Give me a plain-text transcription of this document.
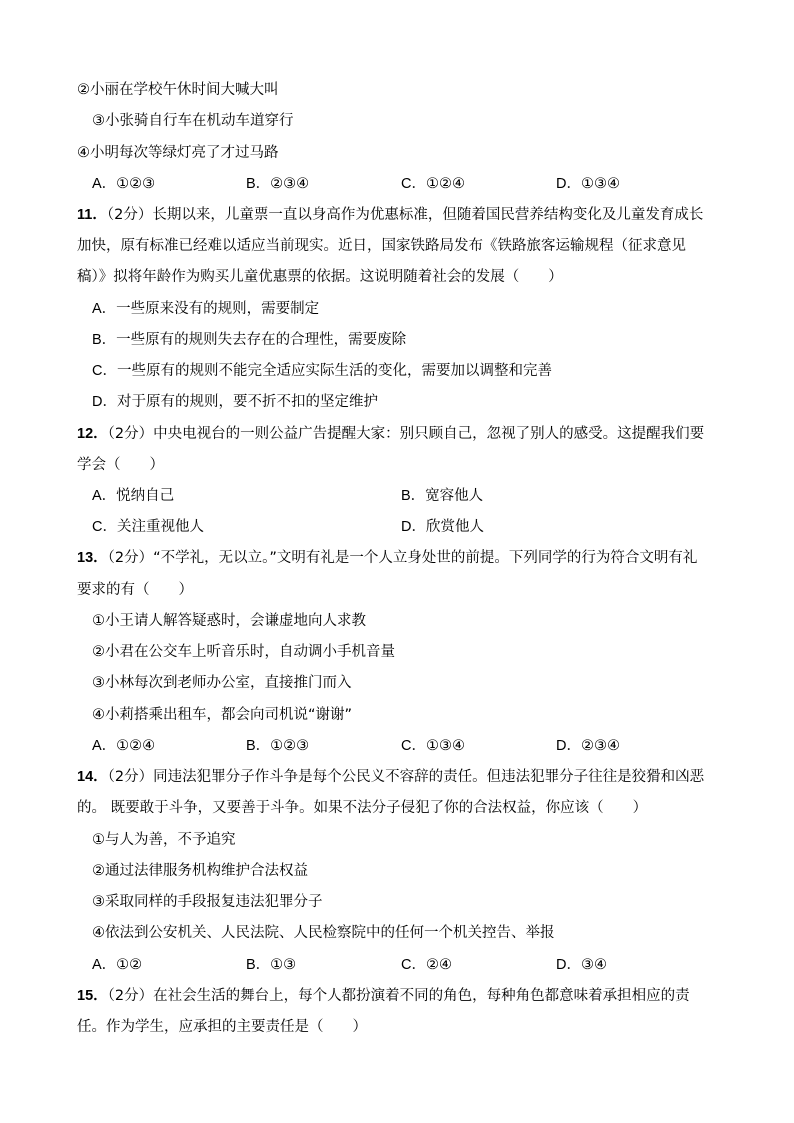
②小丽在学校午休时间大喊大叫
③小张骑自行车在机动车道穿行
④小明每次等绿灯亮了才过马路
A．①②③	B．②③④	C．①②④	D．①③④
11．（2分）长期以来，儿童票一直以身高作为优惠标准，但随着国民营养结构变化及儿童发育成长
加快，原有标准已经难以适应当前现实。近日，国家铁路局发布《铁路旅客运输规程（征求意见
稿）》拟将年龄作为购买儿童优惠票的依据。这说明随着社会的发展（　　）
A．一些原来没有的规则，需要制定
B．一些原有的规则失去存在的合理性，需要废除
C．一些原有的规则不能完全适应实际生活的变化，需要加以调整和完善
D．对于原有的规则，要不折不扣的坚定维护
12．（2分）中央电视台的一则公益广告提醒大家：别只顾自己，忽视了别人的感受。这提醒我们要
学会（　　）
A．悦纳自己	B．宽容他人
C．关注重视他人	D．欣赏他人
13．（2分）“不学礼，无以立。”文明有礼是一个人立身处世的前提。下列同学的行为符合文明有礼
要求的有（　　）
①小王请人解答疑惑时，会谦虚地向人求教
②小君在公交车上听音乐时，自动调小手机音量
③小林每次到老师办公室，直接推门而入
④小莉搭乘出租车，都会向司机说“谢谢”
A．①②④	B．①②③	C．①③④	D．②③④
14．（2分）同违法犯罪分子作斗争是每个公民义不容辞的责任。但违法犯罪分子往往是狡猾和凶恶
的。 既要敢于斗争，又要善于斗争。如果不法分子侵犯了你的合法权益，你应该（　　）
①与人为善，不予追究
②通过法律服务机构维护合法权益
③采取同样的手段报复违法犯罪分子
④依法到公安机关、人民法院、人民检察院中的任何一个机关控告、举报
A．①②	B．①③	C．②④	D．③④
15．（2分）在社会生活的舞台上，每个人都扮演着不同的角色，每种角色都意味着承担相应的责
任。作为学生，应承担的主要责任是（　　）
